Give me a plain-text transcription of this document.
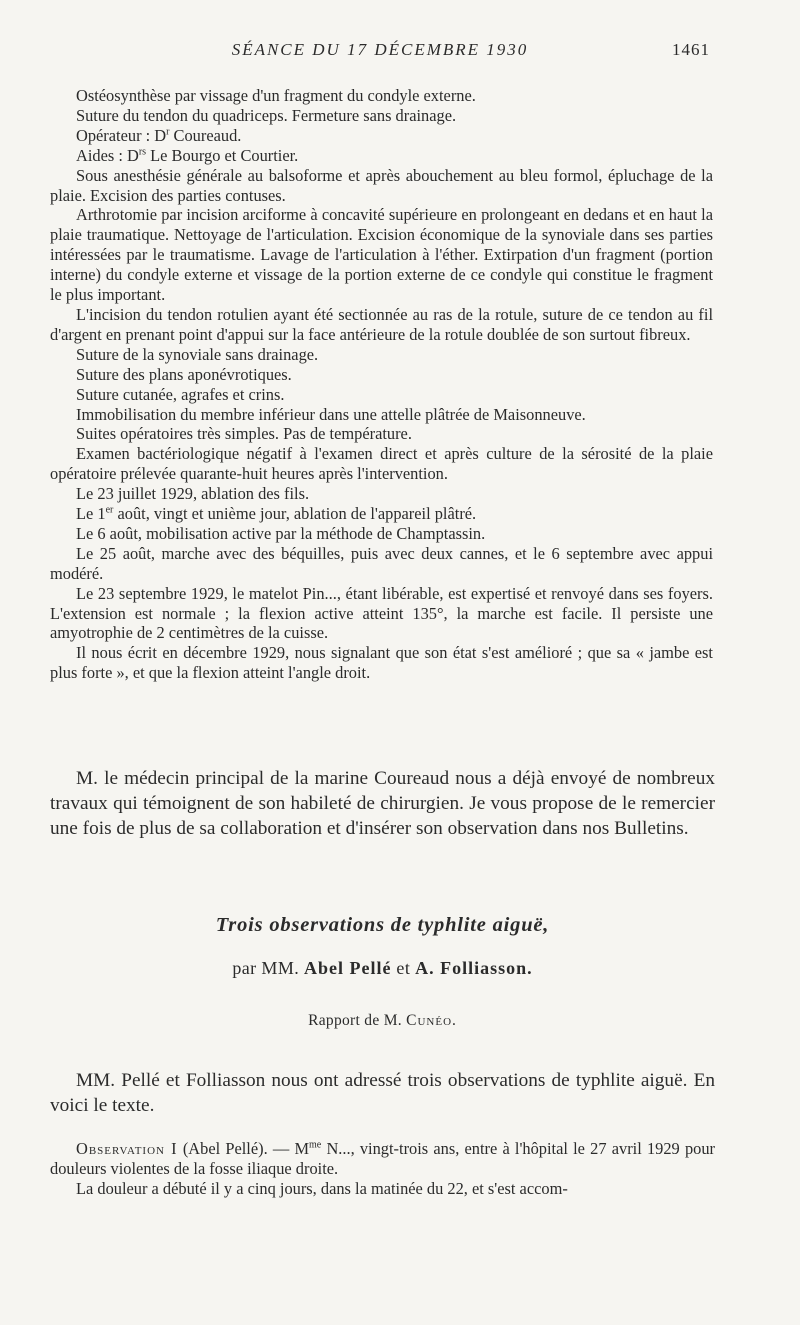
SÉANCE DU 17 DÉCEMBRE 1930	1461

Ostéosynthèse par vissage d'un fragment du condyle externe.

Suture du tendon du quadriceps. Fermeture sans drainage.

Opérateur : $D^r$ Coureaud.

Aides : $D^{rs}$ Le Bourgo et Courtier.

Sous anesthésie générale au balsoforme et après abouchement au bleu formol, épluchage de la plaie. Excision des parties contuses.

Arthrotomie par incision arciforme à concavité supérieure en prolongeant en dedans et en haut la plaie traumatique. Nettoyage de l'articulation. Excision économique de la synoviale dans ses parties intéressées par le traumatisme. Lavage de l'articulation à l'éther. Extirpation d'un fragment (portion interne) du condyle externe et vissage de la portion externe de ce condyle qui constitue le fragment le plus important.

L'incision du tendon rotulien ayant été sectionnée au ras de la rotule, suture de ce tendon au fil d'argent en prenant point d'appui sur la face antérieure de la rotule doublée de son surtout fibreux.

Suture de la synoviale sans drainage.

Suture des plans aponévrotiques.

Suture cutanée, agrafes et crins.

Immobilisation du membre inférieur dans une attelle plâtrée de Maisonneuve.

Suites opératoires très simples. Pas de température.

Examen bactériologique négatif à l'examen direct et après culture de la sérosité de la plaie opératoire prélevée quarante-huit heures après l'intervention.

Le 23 juillet 1929, ablation des fils.

Le 1er août, vingt et unième jour, ablation de l'appareil plâtré.

Le 6 août, mobilisation active par la méthode de Champtassin.

Le 25 août, marche avec des béquilles, puis avec deux cannes, et le 6 septembre avec appui modéré.

Le 23 septembre 1929, le matelot Pin..., étant libérable, est expertisé et renvoyé dans ses foyers. L'extension est normale ; la flexion active atteint 135°, la marche est facile. Il persiste une amyotrophie de 2 centimètres de la cuisse.

Il nous écrit en décembre 1929, nous signalant que son état s'est amélioré ; que sa « jambe est plus forte », et que la flexion atteint l'angle droit.

M. le médecin principal de la marine Coureaud nous a déjà envoyé de nombreux travaux qui témoignent de son habileté de chirurgien. Je vous propose de le remercier une fois de plus de sa collaboration et d'insérer son observation dans nos Bulletins.

Trois observations de typhlite aiguë,
par MM. Abel Pellé et A. Folliasson.
Rapport de M. Cunéo.

MM. Pellé et Folliasson nous ont adressé trois observations de typhlite aiguë. En voici le texte.

Observation I (Abel Pellé). — $M^{me}$ N..., vingt-trois ans, entre à l'hôpital le 27 avril 1929 pour douleurs violentes de la fosse iliaque droite.

La douleur a débuté il y a cinq jours, dans la matinée du 22, et s'est accom-
